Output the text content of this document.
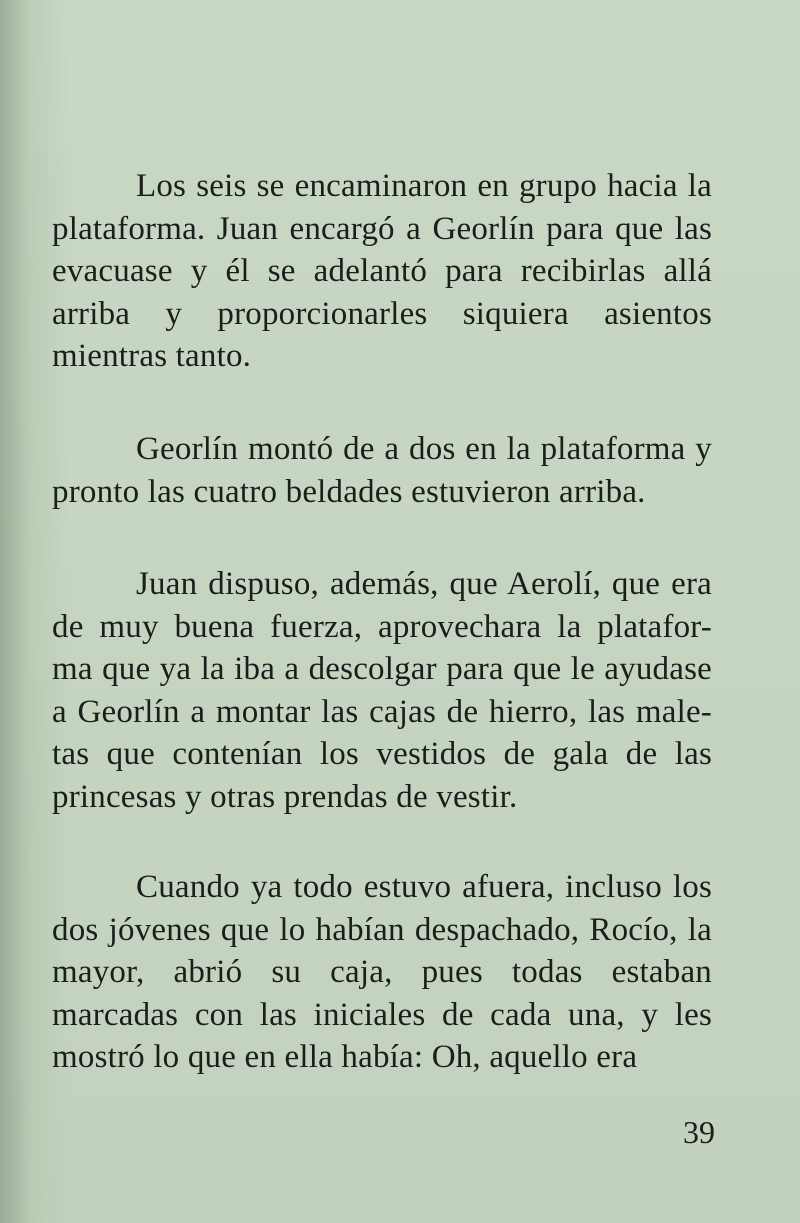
Los seis se encaminaron en grupo hacia la plataforma. Juan encargó a Georlín para que las evacuase y él se adelantó para recibirlas allá arriba y proporcionarles siquiera asientos mientras tanto.

Georlín montó de a dos en la plataforma y pronto las cuatro beldades estuvieron arriba.

Juan dispuso, además, que Aerolí, que era de muy buena fuerza, aprovechara la platafor- ma que ya la iba a descolgar para que le ayudase a Georlín a montar las cajas de hierro, las male- tas que contenían los vestidos de gala de las princesas y otras prendas de vestir.

Cuando ya todo estuvo afuera, incluso los dos jóvenes que lo habían despachado, Rocío, la mayor, abrió su caja, pues todas estaban marcadas con las iniciales de cada una, y les mostró lo que en ella había: Oh, aquello era

39
